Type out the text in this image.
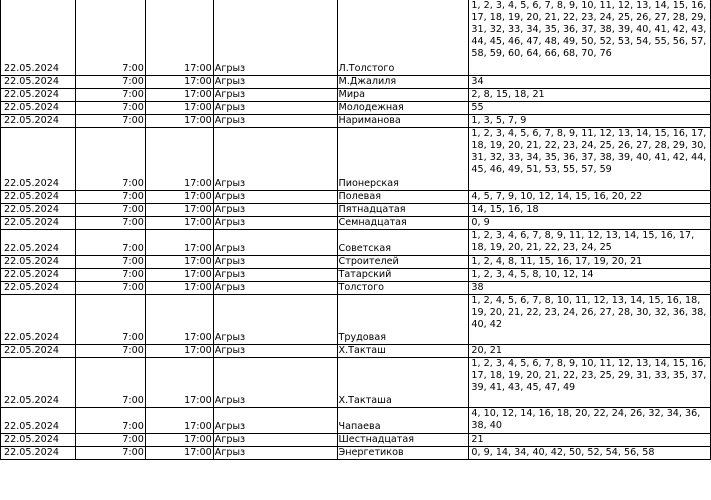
22.05.2024	7:00	17:00	Агрыз	Л.Толстого	1, 2, 3, 4, 5, 6, 7, 8, 9, 10, 11, 12, 13, 14, 15, 16, 17, 18, 19, 20, 21, 22, 23, 24, 25, 26, 27, 28, 29, 31, 32, 33, 34, 35, 36, 37, 38, 39, 40, 41, 42, 43, 44, 45, 46, 47, 48, 49, 50, 52, 53, 54, 55, 56, 57, 58, 59, 60, 64, 66, 68, 70, 76
22.05.2024	7:00	17:00	Агрыз	М.Джалиля	34
22.05.2024	7:00	17:00	Агрыз	Мира	2, 8, 15, 18, 21
22.05.2024	7:00	17:00	Агрыз	Молодежная	55
22.05.2024	7:00	17:00	Агрыз	Нариманова	1, 3, 5, 7, 9
22.05.2024	7:00	17:00	Агрыз	Пионерская	1, 2, 3, 4, 5, 6, 7, 8, 9, 11, 12, 13, 14, 15, 16, 17, 18, 19, 20, 21, 22, 23, 24, 25, 26, 27, 28, 29, 30, 31, 32, 33, 34, 35, 36, 37, 38, 39, 40, 41, 42, 44, 45, 46, 49, 51, 53, 55, 57, 59
22.05.2024	7:00	17:00	Агрыз	Полевая	4, 5, 7, 9, 10, 12, 14, 15, 16, 20, 22
22.05.2024	7:00	17:00	Агрыз	Пятнадцатая	14, 15, 16, 18
22.05.2024	7:00	17:00	Агрыз	Семнадцатая	0, 9
22.05.2024	7:00	17:00	Агрыз	Советская	1, 2, 3, 4, 6, 7, 8, 9, 11, 12, 13, 14, 15, 16, 17, 18, 19, 20, 21, 22, 23, 24, 25
22.05.2024	7:00	17:00	Агрыз	Строителей	1, 2, 4, 8, 11, 15, 16, 17, 19, 20, 21
22.05.2024	7:00	17:00	Агрыз	Татарский	1, 2, 3, 4, 5, 8, 10, 12, 14
22.05.2024	7:00	17:00	Агрыз	Толстого	38
22.05.2024	7:00	17:00	Агрыз	Трудовая	1, 2, 4, 5, 6, 7, 8, 10, 11, 12, 13, 14, 15, 16, 18, 19, 20, 21, 22, 23, 24, 26, 27, 28, 30, 32, 36, 38, 40, 42
22.05.2024	7:00	17:00	Агрыз	Х.Такташ	20, 21
22.05.2024	7:00	17:00	Агрыз	Х.Такташа	1, 2, 3, 4, 5, 6, 7, 8, 9, 10, 11, 12, 13, 14, 15, 16, 17, 18, 19, 20, 21, 22, 23, 25, 29, 31, 33, 35, 37, 39, 41, 43, 45, 47, 49
22.05.2024	7:00	17:00	Агрыз	Чапаева	4, 10, 12, 14, 16, 18, 20, 22, 24, 26, 32, 34, 36, 38, 40
22.05.2024	7:00	17:00	Агрыз	Шестнадцатая	21
22.05.2024	7:00	17:00	Агрыз	Энергетиков	0, 9, 14, 34, 40, 42, 50, 52, 54, 56, 58
